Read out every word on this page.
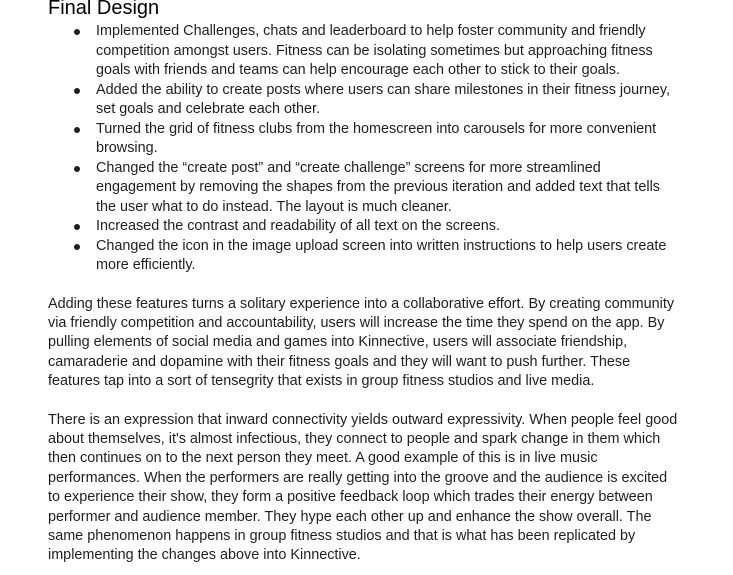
Final Design
Implemented Challenges, chats and leaderboard to help foster community and friendly competition amongst users. Fitness can be isolating sometimes but approaching fitness goals with friends and teams can help encourage each other to stick to their goals.
Added the ability to create posts where users can share milestones in their fitness journey, set goals and celebrate each other.
Turned the grid of fitness clubs from the homescreen into carousels for more convenient browsing.
Changed the “create post” and “create challenge” screens for more streamlined engagement by removing the shapes from the previous iteration and added text that tells the user what to do instead. The layout is much cleaner.
Increased the contrast and readability of all text on the screens.
Changed the icon in the image upload screen into written instructions to help users create more efficiently.

Adding these features turns a solitary experience into a collaborative effort. By creating community via friendly competition and accountability, users will increase the time they spend on the app. By pulling elements of social media and games into Kinnective, users will associate friendship, camaraderie and dopamine with their fitness goals and they will want to push further. These features tap into a sort of tensegrity that exists in group fitness studios and live media.

There is an expression that inward connectivity yields outward expressivity. When people feel good about themselves, it's almost infectious, they connect to people and spark change in them which then continues on to the next person they meet. A good example of this is in live music performances. When the performers are really getting into the groove and the audience is excited to experience their show, they form a positive feedback loop which trades their energy between performer and audience member. They hype each other up and enhance the show overall. The same phenomenon happens in group fitness studios and that is what has been replicated by implementing the changes above into Kinnective.
